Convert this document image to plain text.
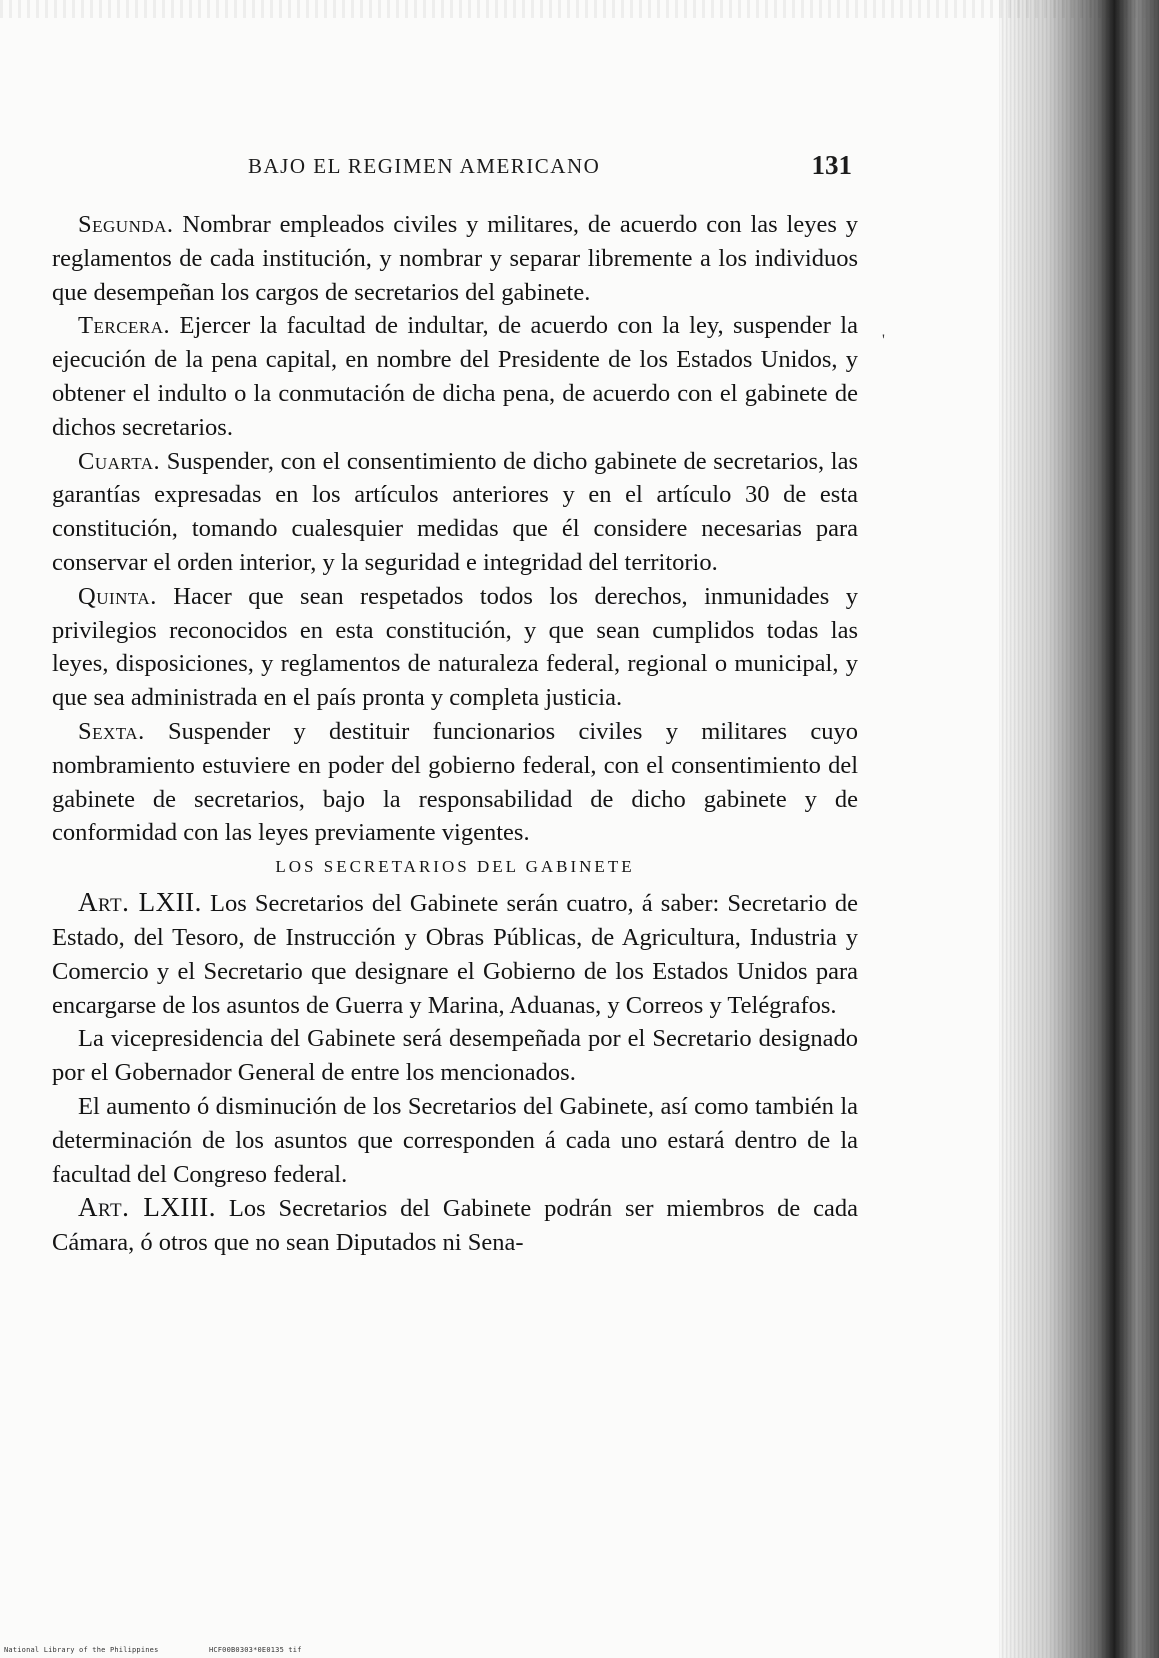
BAJO EL REGIMEN AMERICANO	131
'

Segunda. Nombrar empleados civiles y militares, de acuerdo con las leyes y reglamentos de cada institución, y nombrar y separar libremente a los individuos que desempeñan los cargos de secretarios del gabinete.

Tercera. Ejercer la facultad de indultar, de acuerdo con la ley, suspender la ejecución de la pena capital, en nombre del Presidente de los Estados Unidos, y obtener el indulto o la conmutación de dicha pena, de acuerdo con el gabinete de dichos secretarios.

Cuarta. Suspender, con el consentimiento de dicho gabinete de secretarios, las garantías expresadas en los artículos anteriores y en el artículo 30 de esta constitución, tomando cualesquier medidas que él considere necesarias para conservar el orden interior, y la seguridad e integridad del territorio.

Quinta. Hacer que sean respetados todos los derechos, inmunidades y privilegios reconocidos en esta constitución, y que sean cumplidos todas las leyes, disposiciones, y reglamentos de naturaleza federal, regional o municipal, y que sea administrada en el país pronta y completa justicia.

Sexta. Suspender y destituir funcionarios civiles y militares cuyo nombramiento estuviere en poder del gobierno federal, con el consentimiento del gabinete de secretarios, bajo la responsabilidad de dicho gabinete y de conformidad con las leyes previamente vigentes.

LOS SECRETARIOS DEL GABINETE

Art. LXII. Los Secretarios del Gabinete serán cuatro, á saber: Secretario de Estado, del Tesoro, de Instrucción y Obras Públicas, de Agricultura, Industria y Comercio y el Secretario que designare el Gobierno de los Estados Unidos para encargarse de los asuntos de Guerra y Marina, Aduanas, y Correos y Telégrafos.

La vicepresidencia del Gabinete será desempeñada por el Secretario designado por el Gobernador General de entre los mencionados.

El aumento ó disminución de los Secretarios del Gabinete, así como también la determinación de los asuntos que corresponden á cada uno estará dentro de la facultad del Congreso federal.

Art. LXIII. Los Secretarios del Gabinete podrán ser miembros de cada Cámara, ó otros que no sean Diputados ni Sena-

National Library of the Philippines	HCF00B0303*0E0135 tif
